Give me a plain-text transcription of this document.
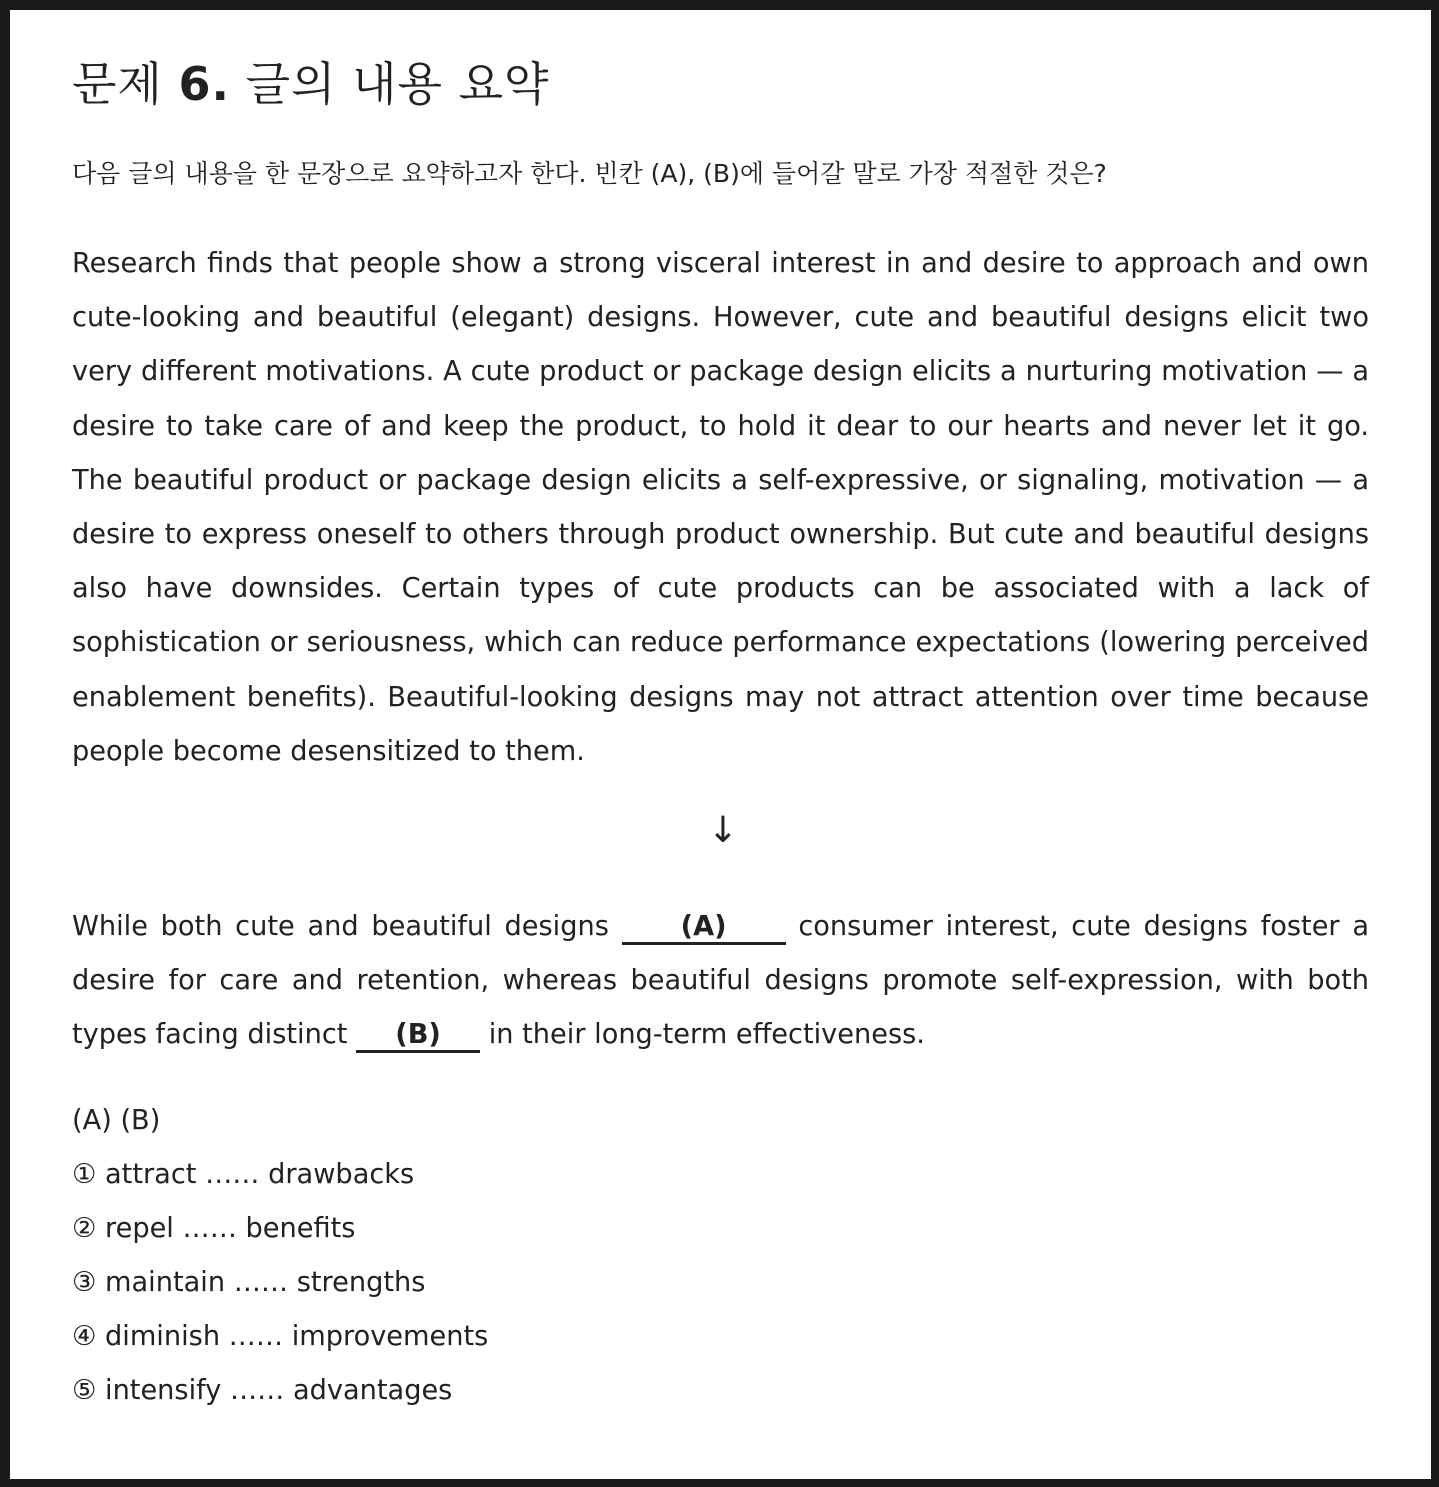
문제 6. 글의 내용 요약

다음 글의 내용을 한 문장으로 요약하고자 한다. 빈칸 (A), (B)에 들어갈 말로 가장 적절한 것은?

Research finds that people show a strong visceral interest in and desire to approach and own cute-looking and beautiful (elegant) designs. However, cute and beautiful designs elicit two very different motivations. A cute product or package design elicits a nurturing motivation — a desire to take care of and keep the product, to hold it dear to our hearts and never let it go. The beautiful product or package design elicits a self-expressive, or signaling, motivation — a desire to express oneself to others through product ownership. But cute and beautiful designs also have downsides. Certain types of cute products can be associated with a lack of sophistication or seriousness, which can reduce performance expectations (lowering perceived enablement benefits). Beautiful-looking designs may not attract attention over time because people become desensitized to them.

↓

While both cute and beautiful designs (A) consumer interest, cute designs foster a desire for care and retention, whereas beautiful designs promote self-expression, with both types facing distinct (B) in their long-term effectiveness.

(A) (B)
① attract …… drawbacks
② repel …… benefits
③ maintain …… strengths
④ diminish …… improvements
⑤ intensify …… advantages
